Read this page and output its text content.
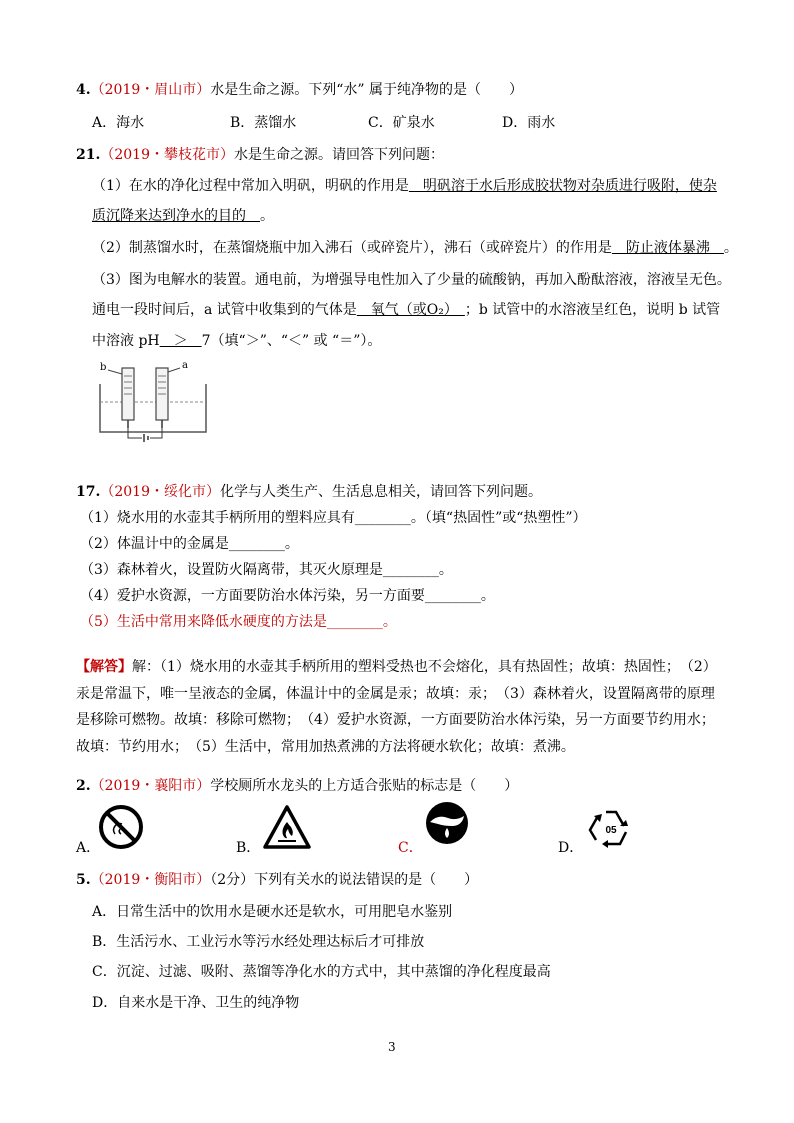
4.（2019・眉山市）水是生命之源。下列“水” 属于纯净物的是（　　）
A．海水	B．蒸馏水	C．矿泉水	D．雨水
21.（2019・攀枝花市）水是生命之源。请回答下列问题：
（1）在水的净化过程中常加入明矾，明矾的作用是　明矾溶于水后形成胶状物对杂质进行吸附，使杂
质沉降来达到净水的目的　。
（2）制蒸馏水时，在蒸馏烧瓶中加入沸石（或碎瓷片），沸石（或碎瓷片）的作用是　防止液体暴沸　。
（3）图为电解水的装置。通电前，为增强导电性加入了少量的硫酸钠，再加入酚酞溶液，溶液呈无色。
通电一段时间后，a 试管中收集到的气体是　氧气（或O₂）　；b 试管中的水溶液呈红色，说明 b 试管
中溶液 pH　＞　7（填“＞”、“＜” 或 “＝”）。
b	a
17.（2019・绥化市）化学与人类生产、生活息息相关，请回答下列问题。
（1）烧水用的水壶其手柄所用的塑料应具有________。（填“热固性”或“热塑性”）
（2）体温计中的金属是________。
（3）森林着火，设置防火隔离带，其灭火原理是________。
（4）爱护水资源，一方面要防治水体污染，另一方面要________。
（5）生活中常用来降低水硬度的方法是________。
【解答】解：（1）烧水用的水壶其手柄所用的塑料受热也不会熔化，具有热固性；故填：热固性；　（2）
汞是常温下，唯一呈液态的金属，体温计中的金属是汞；故填：汞；　（3）森林着火，设置隔离带的原理
是移除可燃物。故填：移除可燃物；　（4）爱护水资源，一方面要防治水体污染，另一方面要节约用水；
故填：节约用水；　（5）生活中，常用加热煮沸的方法将硬水软化；故填：煮沸。
2.（2019・襄阳市）学校厕所水龙头的上方适合张贴的标志是（　　）
A．	B．	C．	D．
05
5.（2019・衡阳市）（2分）下列有关水的说法错误的是（　　）
A．日常生活中的饮用水是硬水还是软水，可用肥皂水鉴别
B．生活污水、工业污水等污水经处理达标后才可排放
C．沉淀、过滤、吸附、蒸馏等净化水的方式中，其中蒸馏的净化程度最高
D．自来水是干净、卫生的纯净物
3
